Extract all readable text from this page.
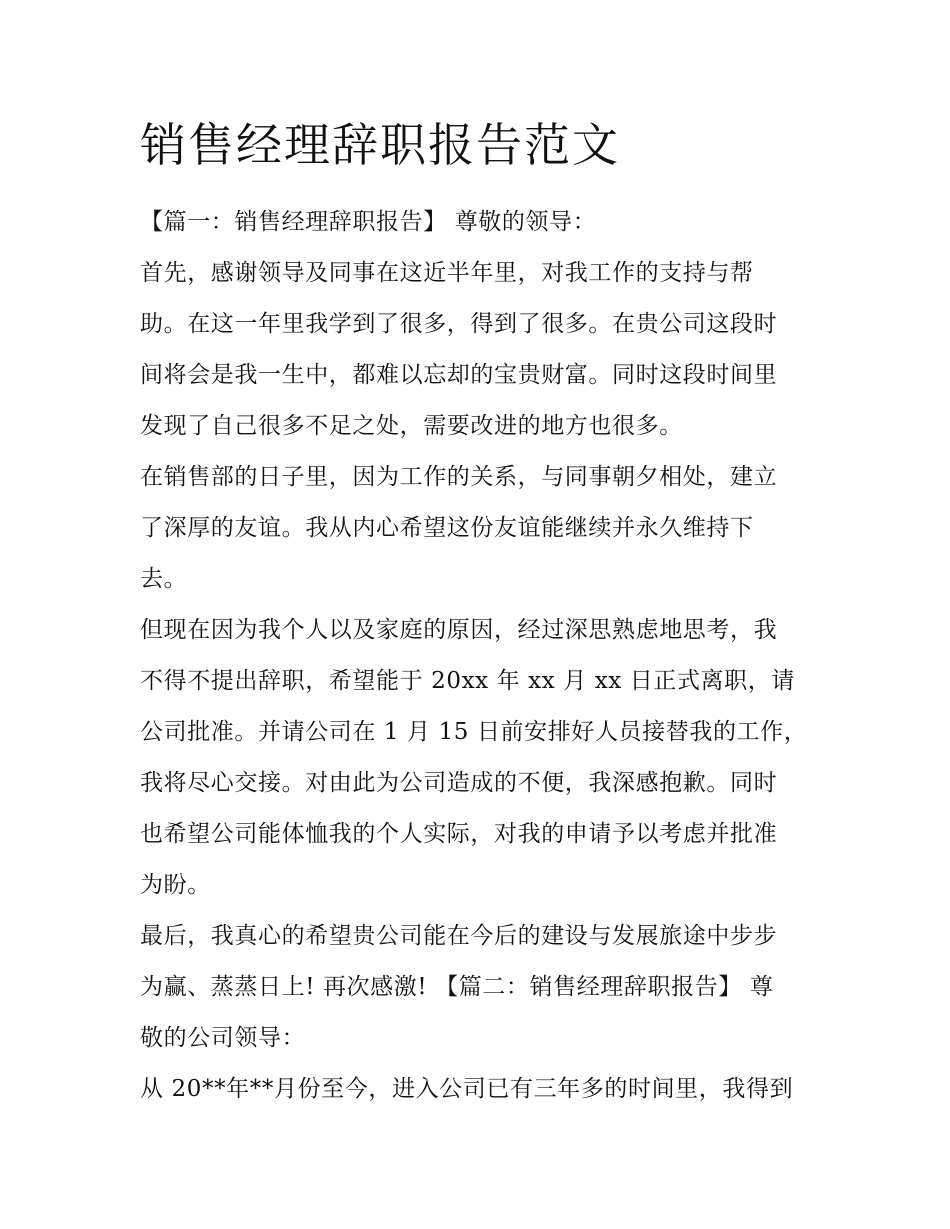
销售经理辞职报告范文

【篇一：销售经理辞职报告】 尊敬的领导：

首先，感谢领导及同事在这近半年里，对我工作的支持与帮

助。在这一年里我学到了很多，得到了很多。在贵公司这段时

间将会是我一生中，都难以忘却的宝贵财富。同时这段时间里

发现了自己很多不足之处，需要改进的地方也很多。

在销售部的日子里，因为工作的关系，与同事朝夕相处，建立

了深厚的友谊。我从内心希望这份友谊能继续并永久维持下

去。

但现在因为我个人以及家庭的原因，经过深思熟虑地思考，我

不得不提出辞职，希望能于 20xx 年 xx 月 xx 日正式离职，请

公司批准。并请公司在 1 月 15 日前安排好人员接替我的工作，

我将尽心交接。对由此为公司造成的不便，我深感抱歉。同时

也希望公司能体恤我的个人实际，对我的申请予以考虑并批准

为盼。

最后，我真心的希望贵公司能在今后的建设与发展旅途中步步

为赢、蒸蒸日上! 再次感激! 【篇二：销售经理辞职报告】 尊

敬的公司领导：

从 20**年**月份至今，进入公司已有三年多的时间里，我得到
